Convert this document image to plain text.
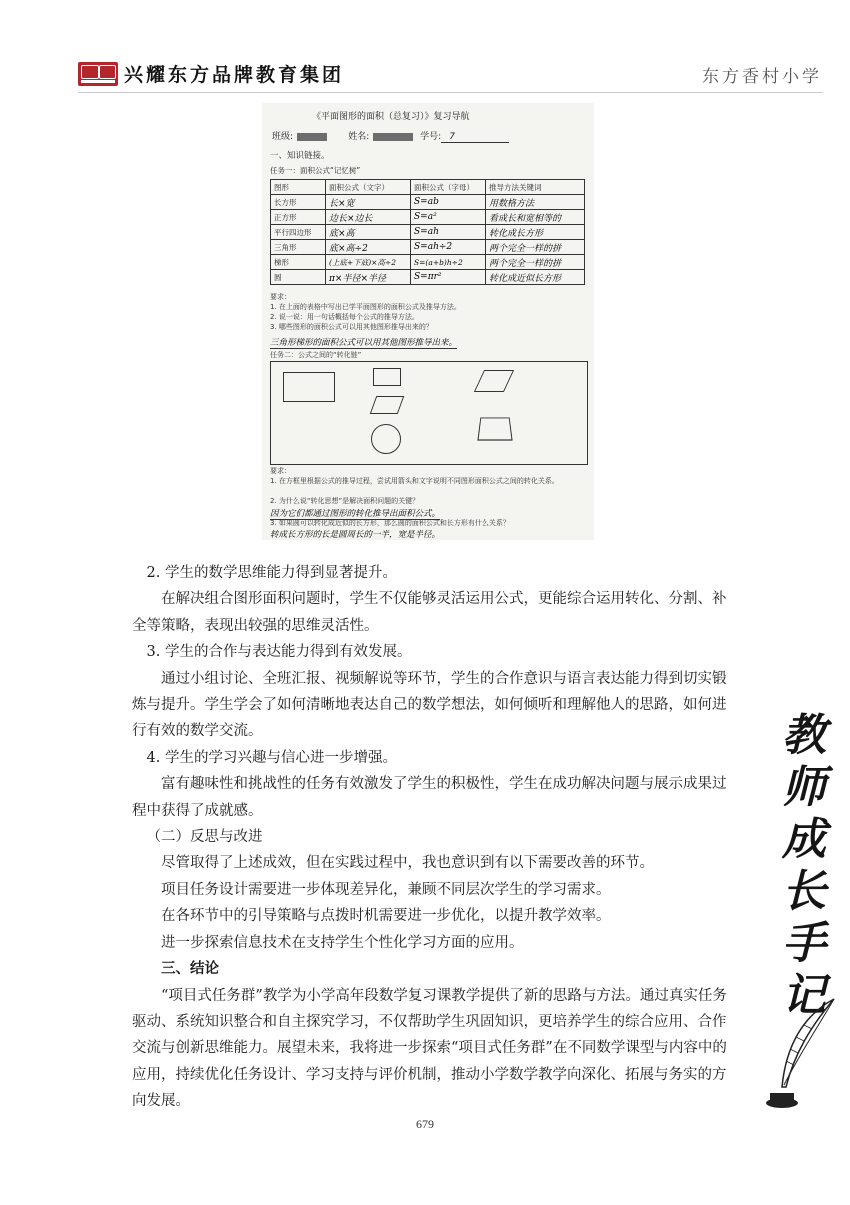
兴耀东方品牌教育集团	东方香村小学
《平面图形的面积（总复习）》复习导航
班级:	姓名:	学号: 7
一、知识链接。
任务一：面积公式“记忆树”
图形	面积公式（文字）	面积公式（字母）	推导方法关键词
长方形	长×宽	S=ab	用数格方法
正方形	边长×边长	S=a²	看成长和宽相等的
平行四边形	底×高	S=ah	转化成长方形
三角形	底×高÷2	S=ah÷2	两个完全一样的拼
梯形	(上底+下底)×高÷2	S=(a+b)h÷2	两个完全一样的拼
圆	π×半径×半径	S=πr²	转化成近似长方形
要求：
1. 在上面的表格中写出已学平面图形的面积公式及推导方法。
2. 说一说：用一句话概括每个公式的推导方法。
3. 哪些图形的面积公式可以用其他图形推导出来的？
三角形梯形的面积公式可以用其他图形推导出来。
任务二：公式之间的“转化链”
要求：
1. 在方框里根据公式的推导过程，尝试用箭头和文字说明不同图形面积公式之间的转化关系。
2. 为什么说“转化思想”是解决面积问题的关键？
因为它们都通过图形的转化推导出面积公式。
3. 如果圆可以转化成近似的长方形，那么圆的面积公式和长方形有什么关系？
转成长方形的长是圆周长的一半，宽是半径。

2. 学生的数学思维能力得到显著提升。

在解决组合图形面积问题时，学生不仅能够灵活运用公式，更能综合运用转化、分割、补全等策略，表现出较强的思维灵活性。

3. 学生的合作与表达能力得到有效发展。

通过小组讨论、全班汇报、视频解说等环节，学生的合作意识与语言表达能力得到切实锻炼与提升。学生学会了如何清晰地表达自己的数学想法，如何倾听和理解他人的思路，如何进行有效的数学交流。

4. 学生的学习兴趣与信心进一步增强。

富有趣味性和挑战性的任务有效激发了学生的积极性，学生在成功解决问题与展示成果过程中获得了成就感。

（二）反思与改进

尽管取得了上述成效，但在实践过程中，我也意识到有以下需要改善的环节。

项目任务设计需要进一步体现差异化，兼顾不同层次学生的学习需求。

在各环节中的引导策略与点拨时机需要进一步优化，以提升教学效率。

进一步探索信息技术在支持学生个性化学习方面的应用。

三、结论

“项目式任务群”教学为小学高年段数学复习课教学提供了新的思路与方法。通过真实任务驱动、系统知识整合和自主探究学习，不仅帮助学生巩固知识，更培养学生的综合应用、合作交流与创新思维能力。展望未来，我将进一步探索“项目式任务群”在不同数学课型与内容中的应用，持续优化任务设计、学习支持与评价机制，推动小学数学教学向深化、拓展与务实的方向发展。

教
师
成
长
手
记
679
